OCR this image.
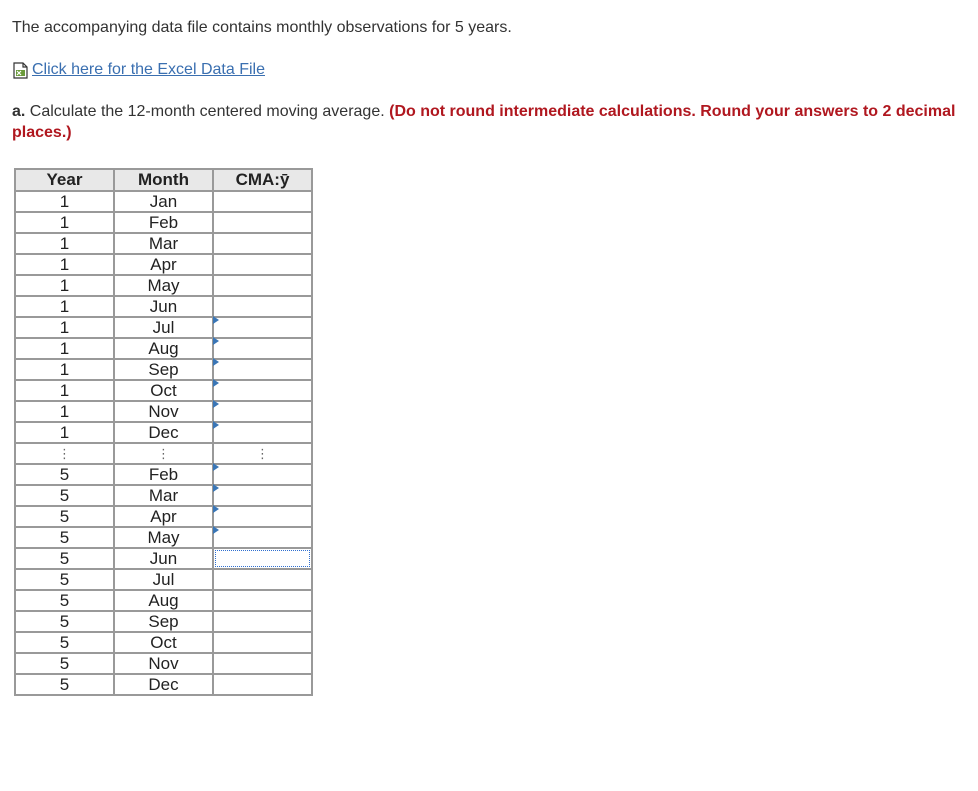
The accompanying data file contains monthly observations for 5 years.
Click here for the Excel Data File
a. Calculate the 12-month centered moving average. (Do not round intermediate calculations. Round your answers to 2 decimal places.)
Year	Month	CMA:ȳ
1	Jan	
1	Feb	
1	Mar	
1	Apr	
1	May	
1	Jun	
1	Jul	

1	Aug	

1	Sep	

1	Oct	

1	Nov	

1	Dec	

⋮	⋮	⋮
5	Feb	

5	Mar	

5	Apr	

5	May	

5	Jun	
5	Jul	
5	Aug	
5	Sep	
5	Oct	
5	Nov	
5	Dec	
